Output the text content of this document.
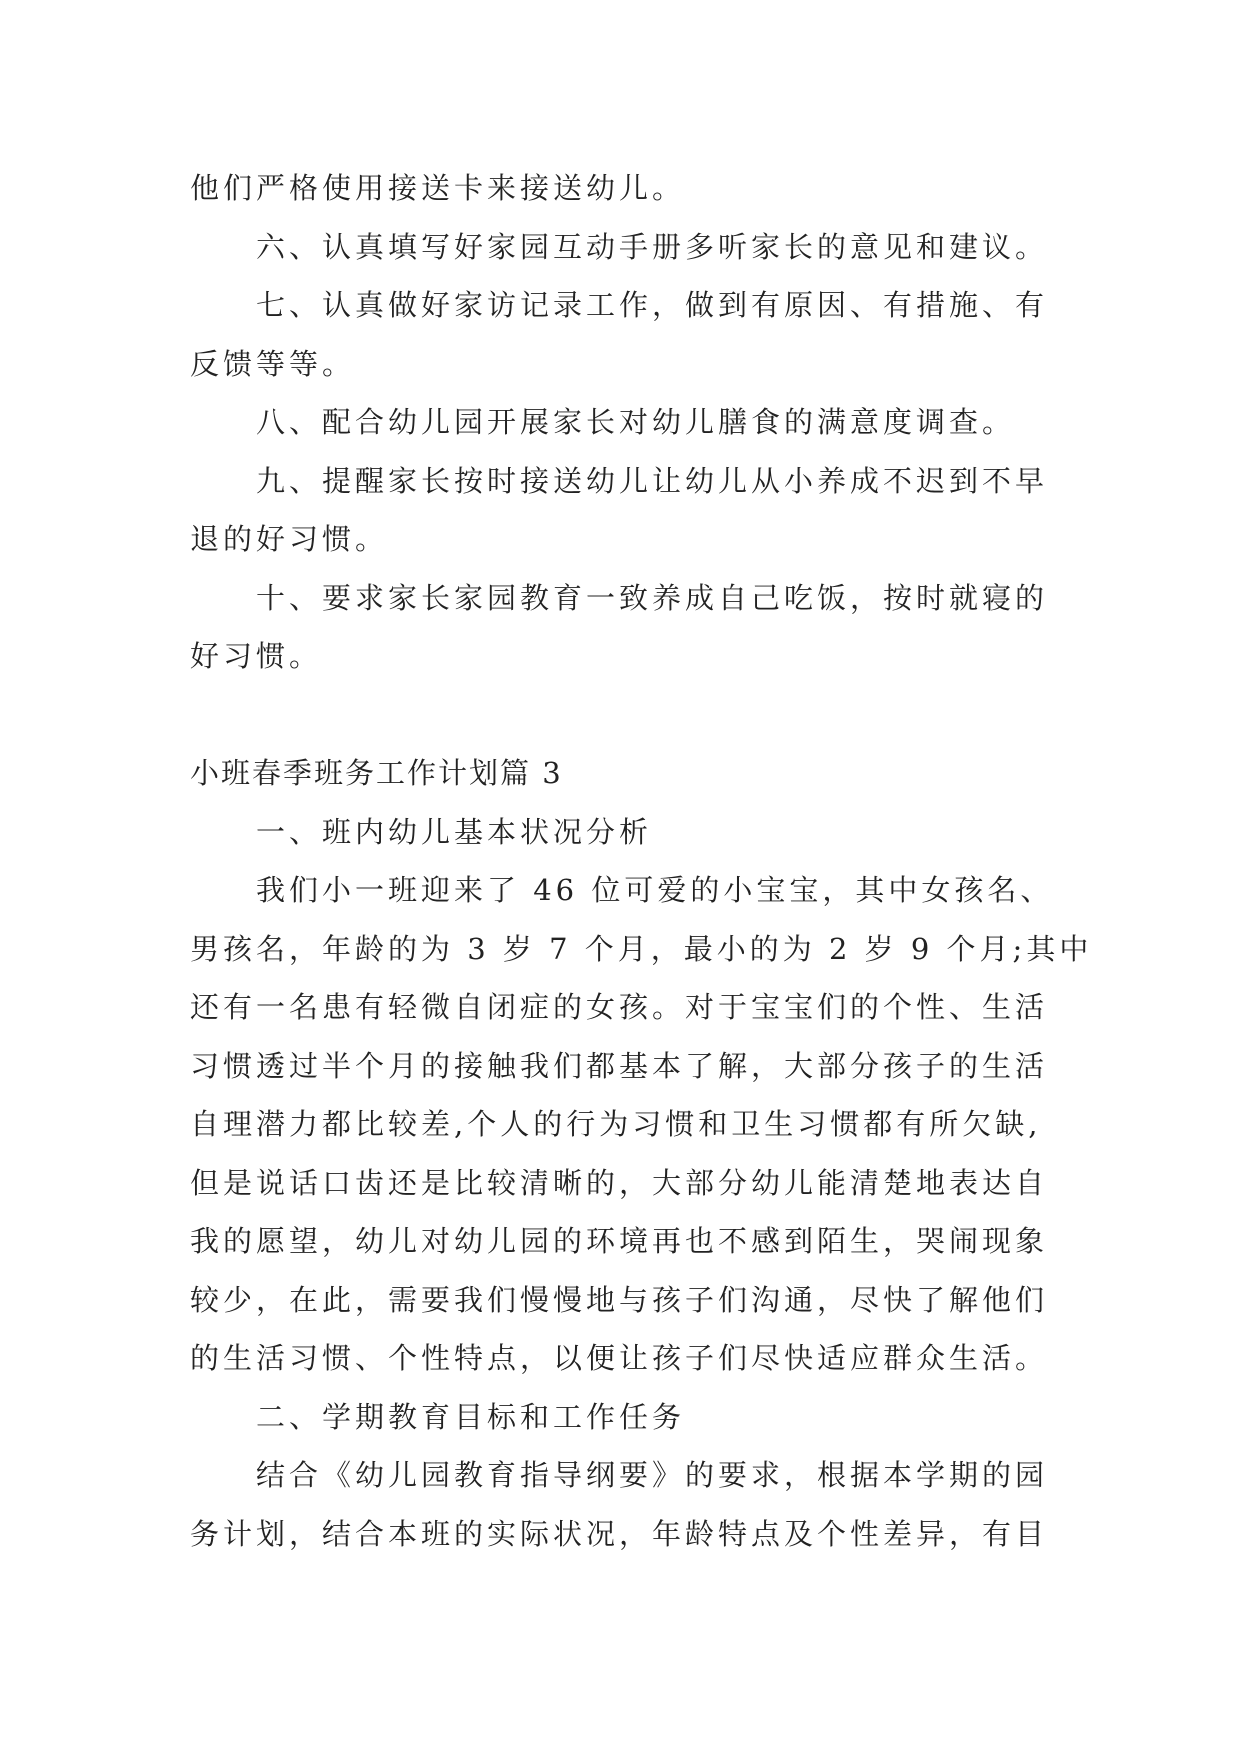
他们严格使用接送卡来接送幼儿。
六、认真填写好家园互动手册多听家长的意见和建议。
七、认真做好家访记录工作，做到有原因、有措施、有
反馈等等。
八、配合幼儿园开展家长对幼儿膳食的满意度调查。
九、提醒家长按时接送幼儿让幼儿从小养成不迟到不早
退的好习惯。
十、要求家长家园教育一致养成自己吃饭，按时就寝的
好习惯。
小班春季班务工作计划篇 3
一、班内幼儿基本状况分析
我们小一班迎来了 46 位可爱的小宝宝，其中女孩名、
男孩名，年龄的为 3 岁 7 个月，最小的为 2 岁 9 个月;其中
还有一名患有轻微自闭症的女孩。对于宝宝们的个性、生活
习惯透过半个月的接触我们都基本了解，大部分孩子的生活
自理潜力都比较差,个人的行为习惯和卫生习惯都有所欠缺,
但是说话口齿还是比较清晰的，大部分幼儿能清楚地表达自
我的愿望，幼儿对幼儿园的环境再也不感到陌生，哭闹现象
较少，在此，需要我们慢慢地与孩子们沟通，尽快了解他们
的生活习惯、个性特点，以便让孩子们尽快适应群众生活。
二、学期教育目标和工作任务
结合《幼儿园教育指导纲要》的要求，根据本学期的园
务计划，结合本班的实际状况，年龄特点及个性差异，有目
